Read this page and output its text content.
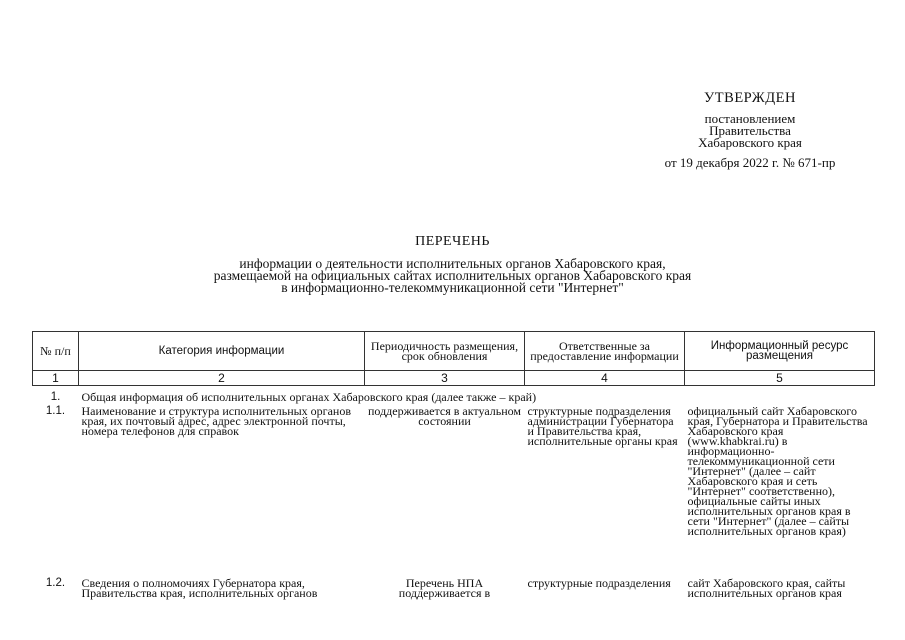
УТВЕРЖДЕН
постановлением
Правительства
Хабаровского края
от 19 декабря 2022 г. № 671-пр
ПЕРЕЧЕНЬ
информации о деятельности исполнительных органов Хабаровского края,
размещаемой на официальных сайтах исполнительных органов Хабаровского края
в информационно-телекоммуникационной сети "Интернет"
№ п/п	Категория информации	Периодичность размещения, срок обновления	Ответственные за предоставление информации	Информационный ресурс размещения
1	2	3	4	5
1.	Общая информация об исполнительных органах Хабаровского края (далее также – край)			
1.1.	Наименование и структура исполнительных органов края, их почтовый адрес, адрес электронной почты, номера телефонов для справок	поддерживается в актуальном состоянии	структурные подразделения администрации Губернатора и Правительства края, исполнительные органы края	официальный сайт Хабаровского края, Губернатора и Правительства Хабаровского края (www.khabkrai.ru) в информационно-телекоммуникационной сети "Интернет" (далее – сайт Хабаровского края и сеть "Интернет" соответственно), официальные сайты иных исполнительных органов края в сети "Интернет" (далее – сайты исполнительных органов края)
1.2.	Сведения о полномочиях Губернатора края, Правительства края, исполнительных органов	Перечень НПА поддерживается в	структурные подразделения	сайт Хабаровского края, сайты исполнительных органов края
